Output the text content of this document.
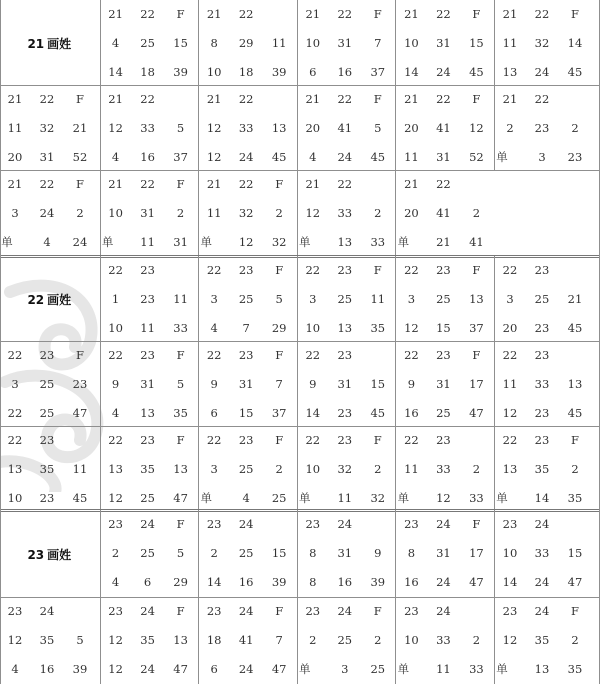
21 画姓
21	22	F
4	25	15
14	18	39
21	22
8	29	11
10	18	39
21	22	F
10	31	7
6	16	37
21	22	F
10	31	15
14	24	45
21	22	F
11	32	14
13	24	45
21	22	F
11	32	21
20	31	52
21	22
12	33	5
4	16	37
21	22
12	33	13
12	24	45
21	22	F
20	41	5
4	24	45
21	22	F
20	41	12
11	31	52
21	22
2	23	2
单	3	23
21	22	F
3	24	2
单	4	24
21	22	F
10	31	2
单	11	31
21	22	F
11	32	2
单	12	32
21	22
12	33	2
单	13	33
21	22
20	41	2
单	21	41
22 画姓
22	23
1	23	11
10	11	33
22	23	F
3	25	5
4	7	29
22	23	F
3	25	11
10	13	35
22	23	F
3	25	13
12	15	37
22	23
3	25	21
20	23	45
22	23	F
3	25	23
22	25	47
22	23	F
9	31	5
4	13	35
22	23	F
9	31	7
6	15	37
22	23
9	31	15
14	23	45
22	23	F
9	31	17
16	25	47
22	23
11	33	13
12	23	45
22	23
13	35	11
10	23	45
22	23	F
13	35	13
12	25	47
22	23	F
3	25	2
单	4	25
22	23	F
10	32	2
单	11	32
22	23
11	33	2
单	12	33
22	23	F
13	35	2
单	14	35
23 画姓
23	24	F
2	25	5
4	6	29
23	24
2	25	15
14	16	39
23	24
8	31	9
8	16	39
23	24	F
8	31	17
16	24	47
23	24
10	33	15
14	24	47
23	24
12	35	5
4	16	39
23	24	F
12	35	13
12	24	47
23	24	F
18	41	7
6	24	47
23	24	F
2	25	2
单	3	25
23	24
10	33	2
单	11	33
23	24	F
12	35	2
单	13	35
